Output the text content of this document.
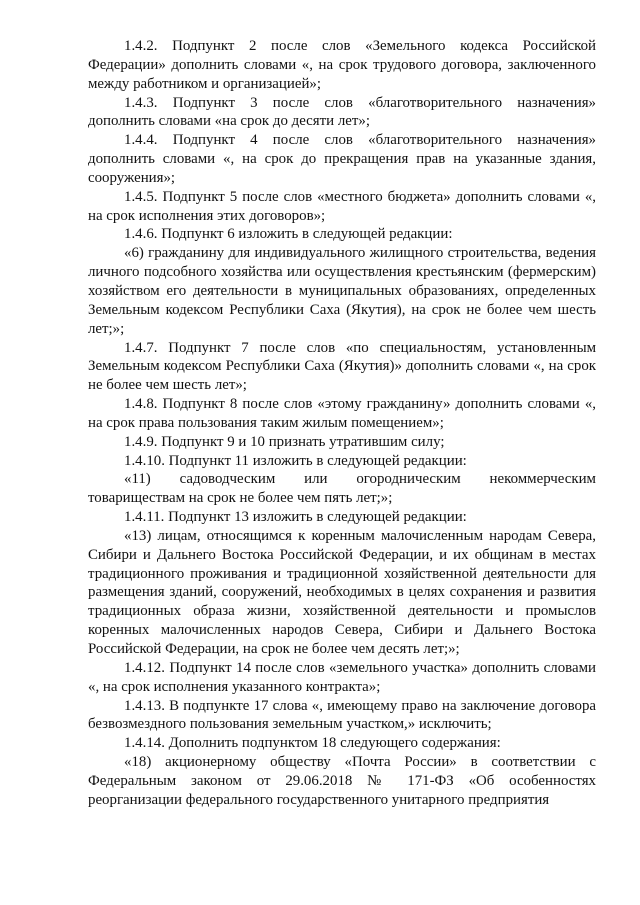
1.4.2. Подпункт 2 после слов «Земельного кодекса Российской Федерации» дополнить словами «, на срок трудового договора, заключенного между работником и организацией»;

1.4.3. Подпункт 3 после слов «благотворительного назначения» дополнить словами «на срок до десяти лет»;

1.4.4. Подпункт 4 после слов «благотворительного назначения» дополнить словами «, на срок до прекращения прав на указанные здания, сооружения»;

1.4.5. Подпункт 5 после слов «местного бюджета» дополнить словами «, на срок исполнения этих договоров»;

1.4.6. Подпункт 6 изложить в следующей редакции:

«6) гражданину для индивидуального жилищного строительства, ведения личного подсобного хозяйства или осуществления крестьянским (фермерским) хозяйством его деятельности в муниципальных образованиях, определенных Земельным кодексом Республики Саха (Якутия), на срок не более чем шесть лет;»;

1.4.7. Подпункт 7 после слов «по специальностям, установленным Земельным кодексом Республики Саха (Якутия)» дополнить словами «, на срок не более чем шесть лет»;

1.4.8. Подпункт 8 после слов «этому гражданину» дополнить словами «, на срок права пользования таким жилым помещением»;

1.4.9. Подпункт 9 и 10 признать утратившим силу;

1.4.10. Подпункт 11 изложить в следующей редакции:

«11) садоводческим или огородническим некоммерческим товариществам на срок не более чем пять лет;»;

1.4.11. Подпункт 13 изложить в следующей редакции:

«13) лицам, относящимся к коренным малочисленным народам Севера, Сибири и Дальнего Востока Российской Федерации, и их общинам в местах традиционного проживания и традиционной хозяйственной деятельности для размещения зданий, сооружений, необходимых в целях сохранения и развития традиционных образа жизни, хозяйственной деятельности и промыслов коренных малочисленных народов Севера, Сибири и Дальнего Востока Российской Федерации, на срок не более чем десять лет;»;

1.4.12. Подпункт 14 после слов «земельного участка» дополнить словами «, на срок исполнения указанного контракта»;

1.4.13. В подпункте 17 слова «, имеющему право на заключение договора безвозмездного пользования земельным участком,» исключить;

1.4.14. Дополнить подпунктом 18 следующего содержания:

«18) акционерному обществу «Почта России» в соответствии с Федеральным законом от 29.06.2018 № 171-ФЗ «Об особенностях реорганизации федерального государственного унитарного предприятия
